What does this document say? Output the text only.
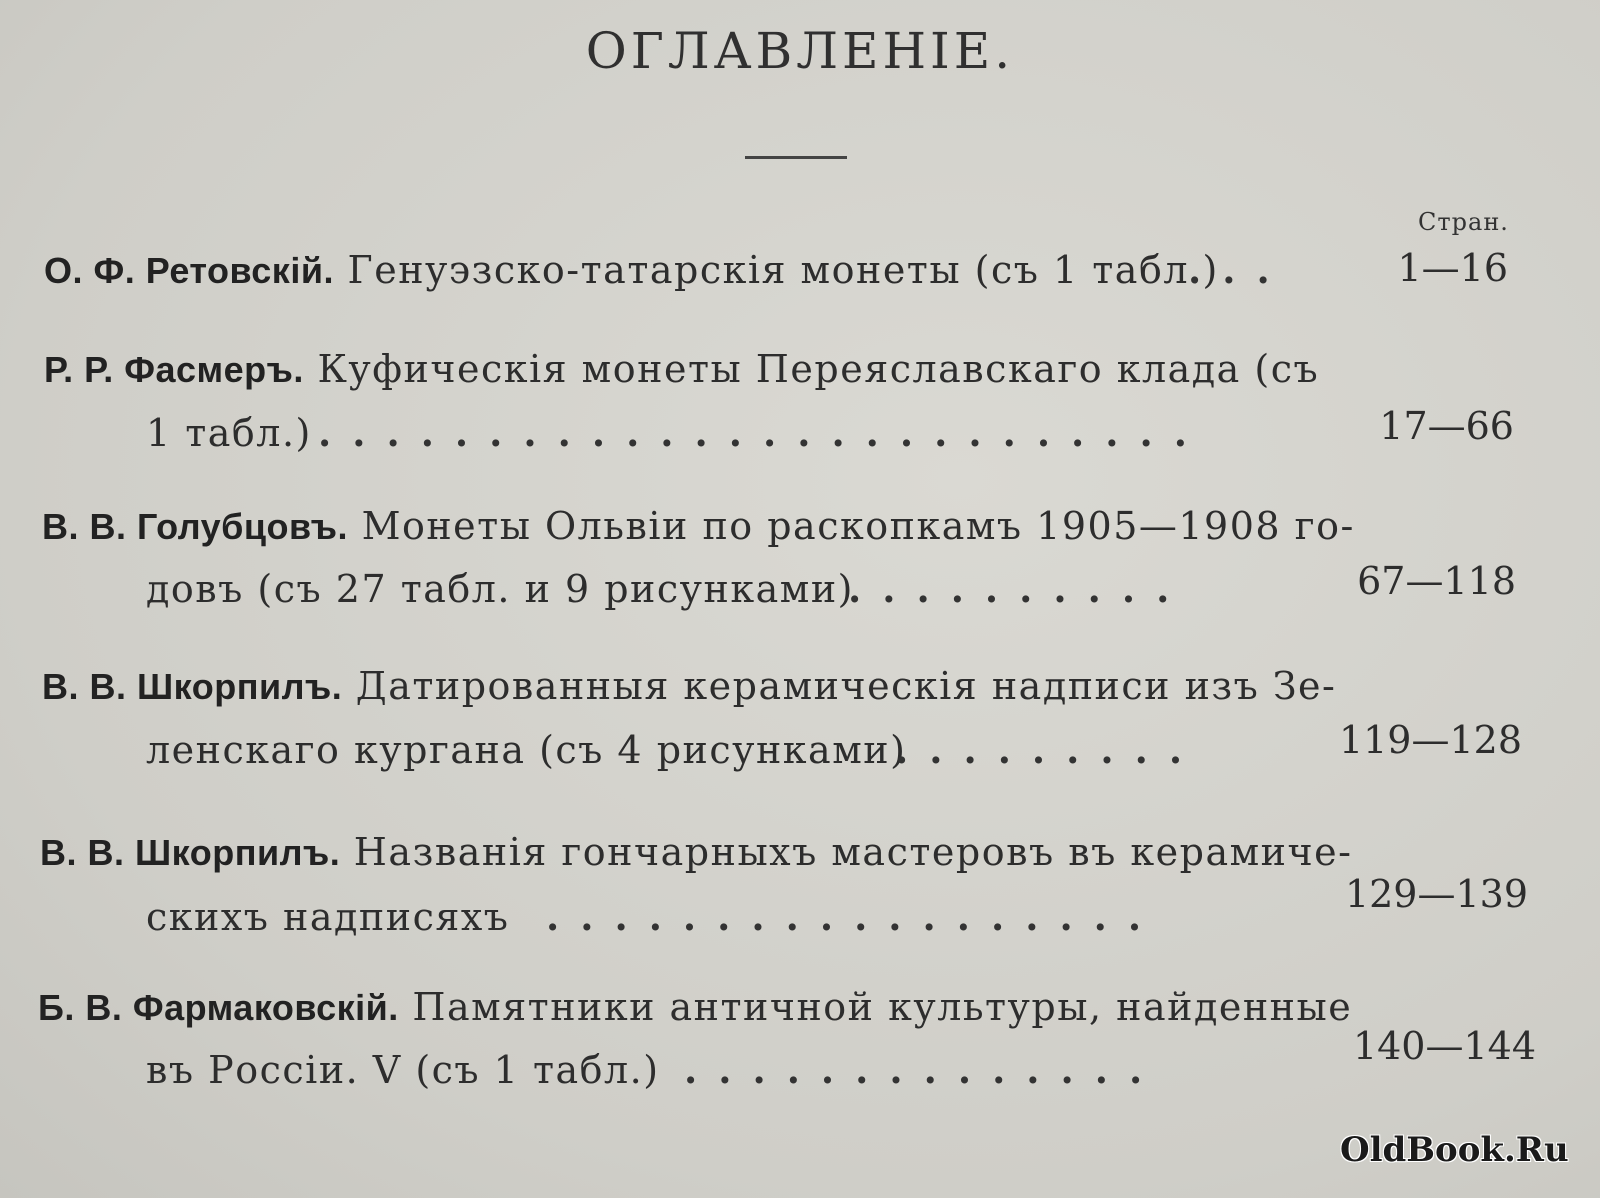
ОГЛАВЛЕНІЕ.
Стран.
О. Ф. Ретовскій. Генуэзско-татарскія монеты (съ 1 табл.)
...	1—16
Р. Р. Фасмеръ. Куфическія монеты Переяславскаго клада (съ
1 табл.) ..........................	17—66
В. В. Голубцовъ. Монеты Ольвіи по раскопкамъ 1905—1908 го-
довъ (съ 27 табл. и 9 рисунками)
..........	67—118
В. В. Шкорпилъ. Датированныя керамическія надписи изъ Зе-
ленскаго кургана (съ 4 рисунками)
.........	119—128
В. В. Шкорпилъ. Названія гончарныхъ мастеровъ въ керамиче-
скихъ надписяхъ ..................	129—139
Б. В. Фармаковскій. Памятники античной культуры, найденные
въ Россіи. V (съ 1 табл.) ..............
140—144
OldBook.Ru
